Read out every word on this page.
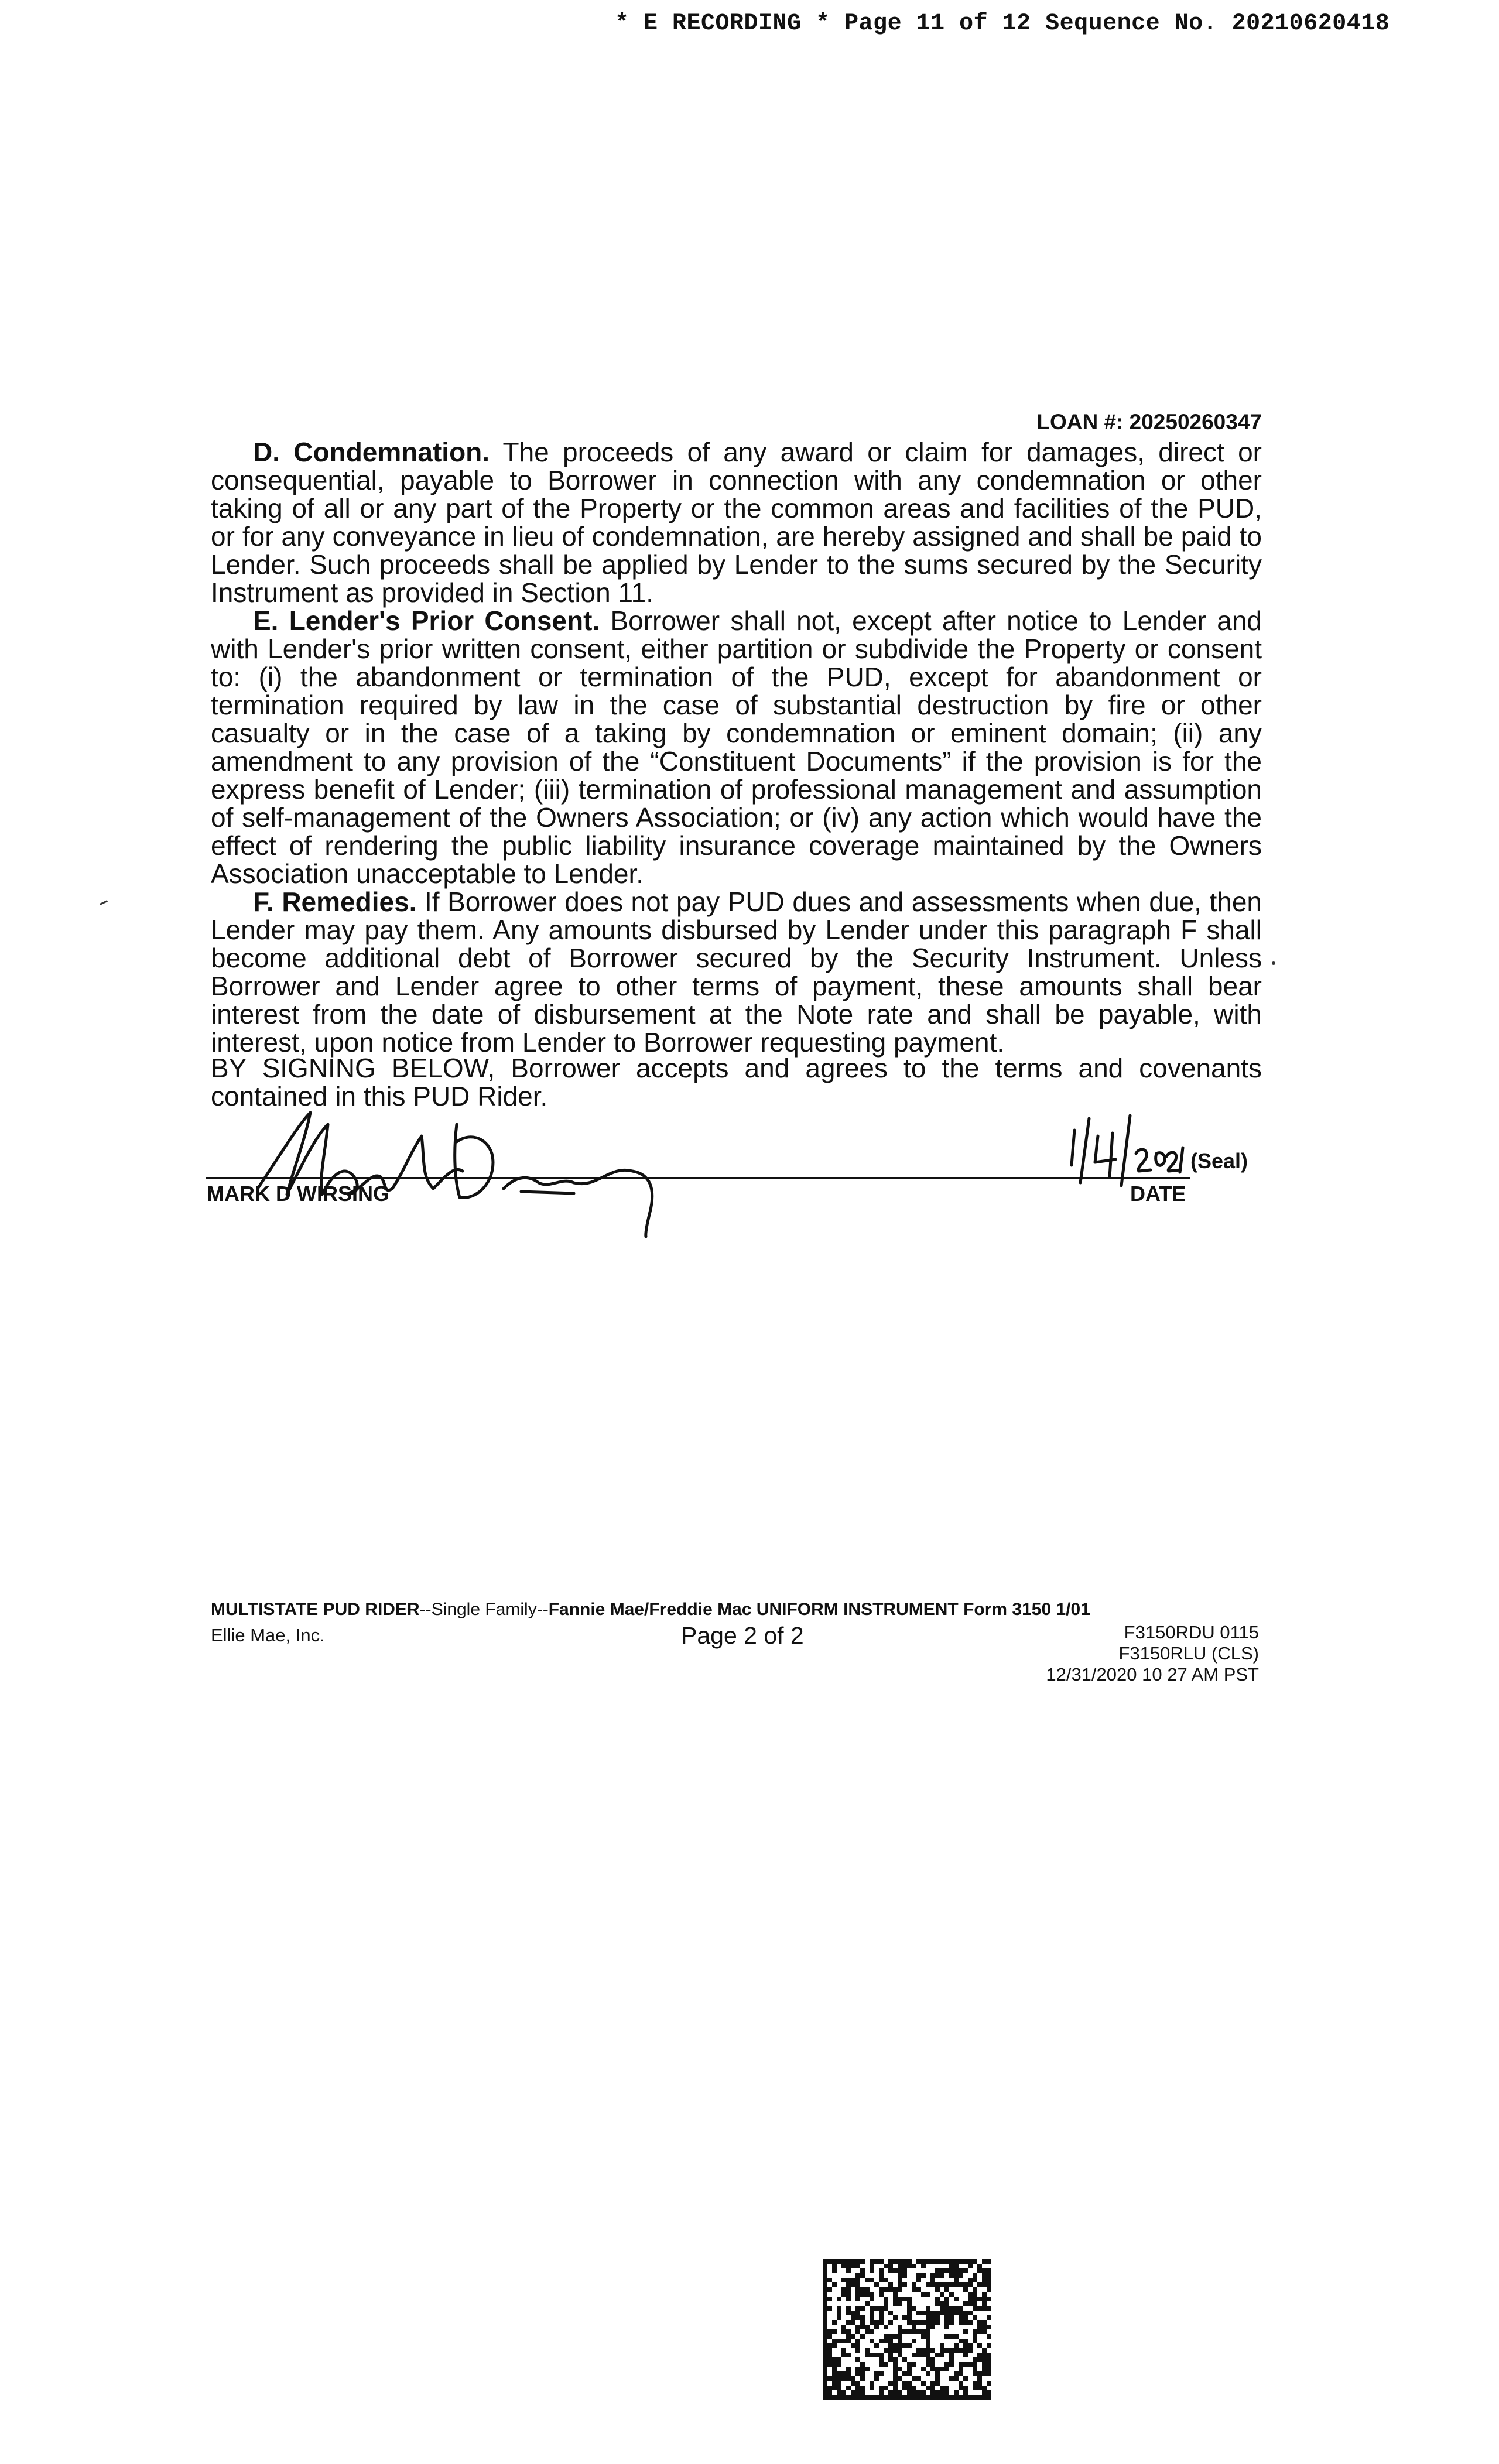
* E RECORDING * Page 11 of 12 Sequence No. 20210620418
LOAN #: 20250260347

D. Condemnation. The proceeds of any award or claim for damages, direct or consequential, payable to Borrower in connection with any condemnation or other taking of all or any part of the Property or the common areas and facilities of the PUD, or for any conveyance in lieu of condemnation, are hereby assigned and shall be paid to Lender. Such proceeds shall be applied by Lender to the sums secured by the Security Instrument as provided in Section 11.

E. Lender's Prior Consent. Borrower shall not, except after notice to Lender and with Lender's prior written consent, either partition or subdivide the Property or consent to: (i) the abandonment or termination of the PUD, except for abandonment or termination required by law in the case of substantial destruction by fire or other casualty or in the case of a taking by condemnation or eminent domain; (ii) any amendment to any provision of the “Constituent Documents” if the provision is for the express benefit of Lender; (iii) termination of professional management and assumption of self-management of the Owners Association; or (iv) any action which would have the effect of rendering the public liability insurance coverage maintained by the Owners Association unacceptable to Lender.

F. Remedies. If Borrower does not pay PUD dues and assessments when due, then Lender may pay them. Any amounts disbursed by Lender under this paragraph F shall become additional debt of Borrower secured by the Security Instrument. Unless Borrower and Lender agree to other terms of payment, these amounts shall bear interest from the date of disbursement at the Note rate and shall be payable, with interest, upon notice from Lender to Borrower requesting payment.

BY SIGNING BELOW, Borrower accepts and agrees to the terms and covenants contained in this PUD Rider.
MARK D WIRSING
(Seal)
DATE
MULTISTATE PUD RIDER--Single Family--Fannie Mae/Freddie Mac UNIFORM INSTRUMENT Form 3150 1/01
Ellie Mae, Inc.	Page 2 of 2	F3150RDU 0115
F3150RLU (CLS)
12/31/2020 10 27 AM PST
